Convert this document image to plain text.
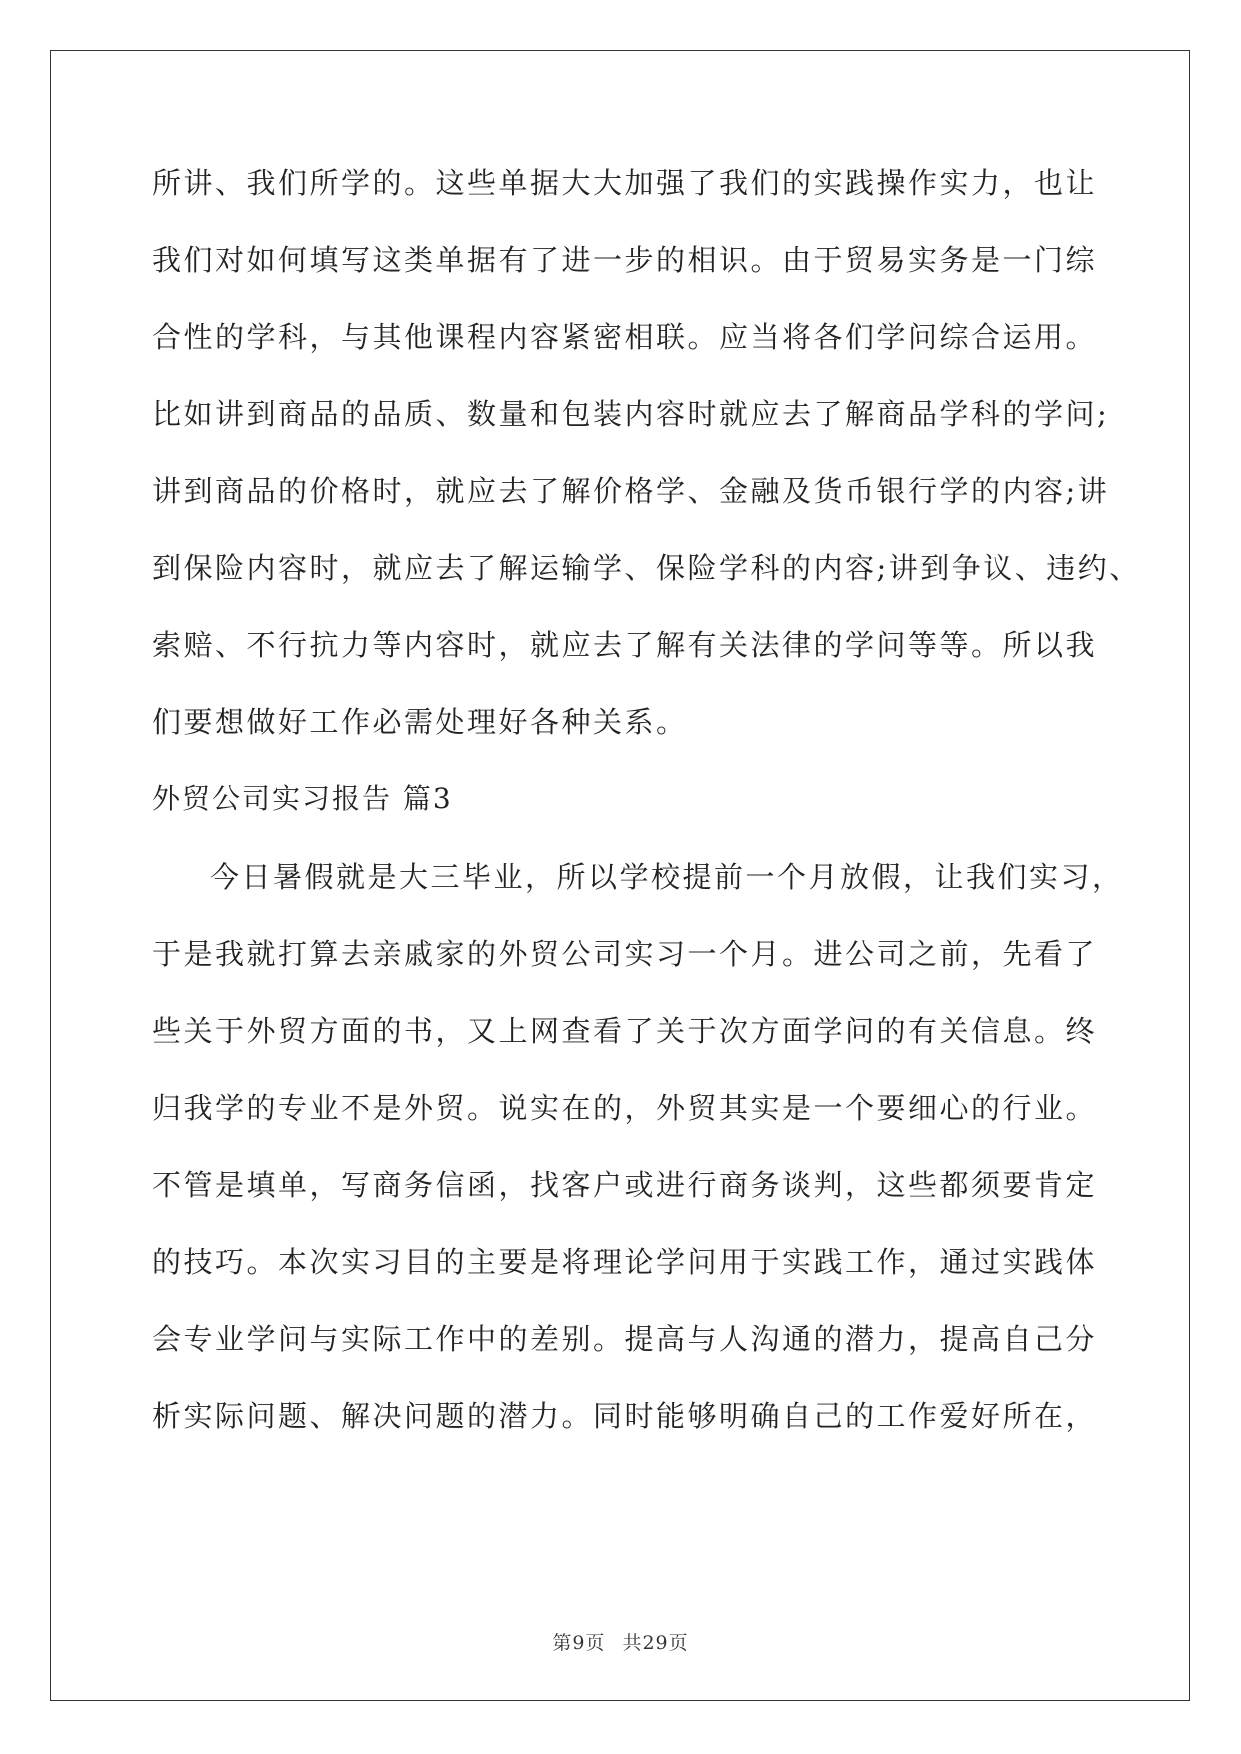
所讲、我们所学的。这些单据大大加强了我们的实践操作实力，也让
我们对如何填写这类单据有了进一步的相识。由于贸易实务是一门综
合性的学科，与其他课程内容紧密相联。应当将各们学问综合运用。
比如讲到商品的品质、数量和包装内容时就应去了解商品学科的学问;
讲到商品的价格时，就应去了解价格学、金融及货币银行学的内容;讲
到保险内容时，就应去了解运输学、保险学科的内容;讲到争议、违约、
索赔、不行抗力等内容时，就应去了解有关法律的学问等等。所以我
们要想做好工作必需处理好各种关系。
外贸公司实习报告 篇3
今日暑假就是大三毕业，所以学校提前一个月放假，让我们实习，
于是我就打算去亲戚家的外贸公司实习一个月。进公司之前，先看了
些关于外贸方面的书，又上网查看了关于次方面学问的有关信息。终
归我学的专业不是外贸。说实在的，外贸其实是一个要细心的行业。
不管是填单，写商务信函，找客户或进行商务谈判，这些都须要肯定
的技巧。本次实习目的主要是将理论学问用于实践工作，通过实践体
会专业学问与实际工作中的差别。提高与人沟通的潜力，提高自己分
析实际问题、解决问题的潜力。同时能够明确自己的工作爱好所在，
第9页 共29页
